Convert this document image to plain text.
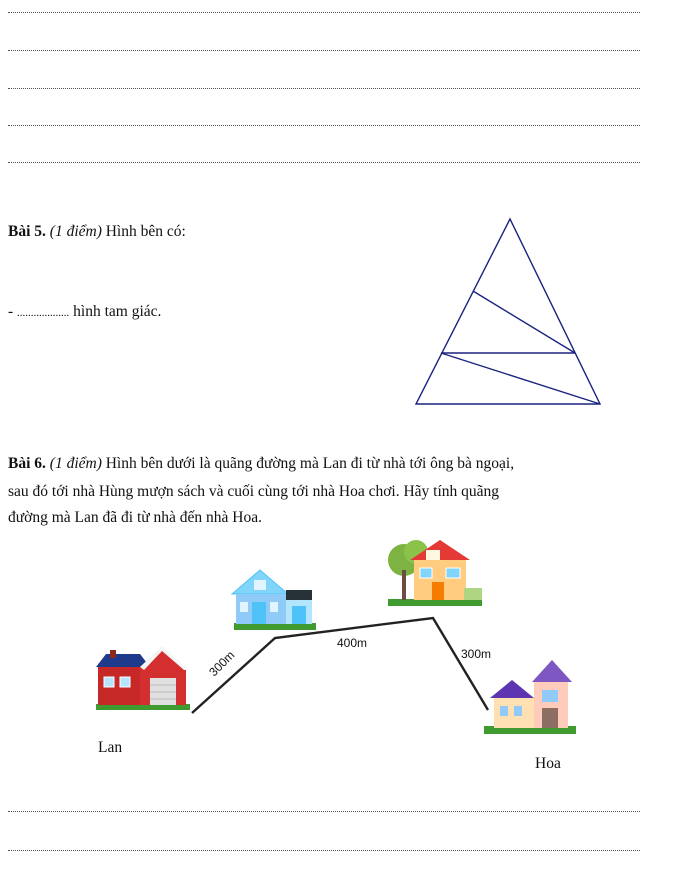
Bài 5. (1 điểm) Hình bên có:
- ................... hình tam giác.
Bài 6. (1 điểm) Hình bên dưới là quãng đường mà Lan đi từ nhà tới ông bà ngoại,
sau đó tới nhà Hùng mượn sách và cuối cùng tới nhà Hoa chơi. Hãy tính quãng
đường mà Lan đã đi từ nhà đến nhà Hoa.
300m
400m
300m
Lan
Hoa
